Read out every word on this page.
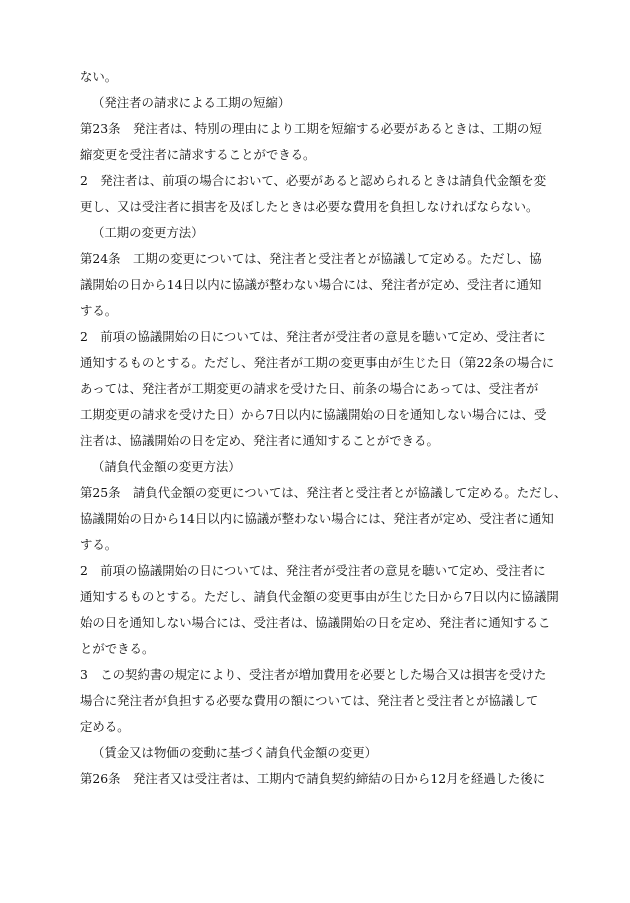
ない。
（発注者の請求による工期の短縮）
第23条　発注者は、特別の理由により工期を短縮する必要があるときは、工期の短
縮変更を受注者に請求することができる。
2　発注者は、前項の場合において、必要があると認められるときは請負代金額を変
更し、又は受注者に損害を及ぼしたときは必要な費用を負担しなければならない。
（工期の変更方法）
第24条　工期の変更については、発注者と受注者とが協議して定める。ただし、協
議開始の日から14日以内に協議が整わない場合には、発注者が定め、受注者に通知
する。
2　前項の協議開始の日については、発注者が受注者の意見を聴いて定め、受注者に
通知するものとする。ただし、発注者が工期の変更事由が生じた日（第22条の場合に
あっては、発注者が工期変更の請求を受けた日、前条の場合にあっては、受注者が
工期変更の請求を受けた日）から7日以内に協議開始の日を通知しない場合には、受
注者は、協議開始の日を定め、発注者に通知することができる。
（請負代金額の変更方法）
第25条　請負代金額の変更については、発注者と受注者とが協議して定める。ただし、
協議開始の日から14日以内に協議が整わない場合には、発注者が定め、受注者に通知
する。
2　前項の協議開始の日については、発注者が受注者の意見を聴いて定め、受注者に
通知するものとする。ただし、請負代金額の変更事由が生じた日から7日以内に協議開
始の日を通知しない場合には、受注者は、協議開始の日を定め、発注者に通知するこ
とができる。
3　この契約書の規定により、受注者が増加費用を必要とした場合又は損害を受けた
場合に発注者が負担する必要な費用の額については、発注者と受注者とが協議して
定める。
（賃金又は物価の変動に基づく請負代金額の変更）
第26条　発注者又は受注者は、工期内で請負契約締結の日から12月を経過した後に
